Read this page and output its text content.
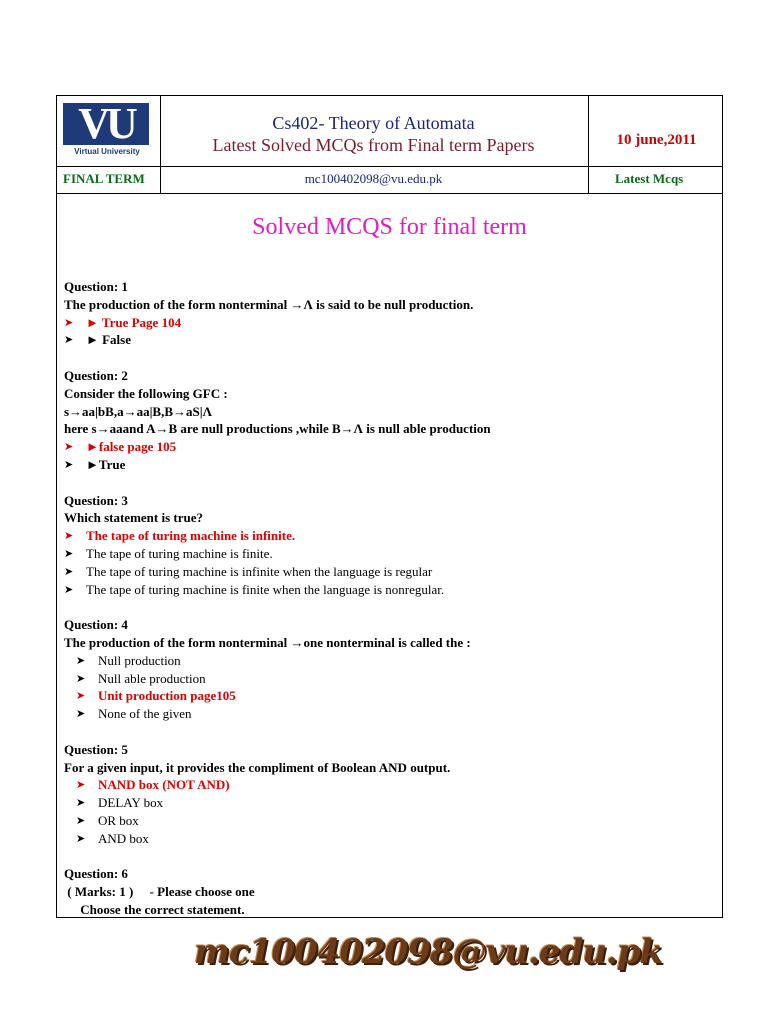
VU
Virtual University
Cs402- Theory of Automata
Latest Solved MCQs from Final term Papers	10 june,2011
FINAL TERM	mc100402098@vu.edu.pk	Latest Mcqs
Solved MCQS for final term
Question: 1
The production of the form nonterminal →Λ is said to be null production.
➤ ► True Page 104
➤ ► False
Question: 2
Consider the following GFC :
s→aa|bB,a→aa|B,B→aS|Λ
here s→aaand A→B are null productions ,while B→Λ is null able production
➤ ►false page 105
➤ ►True
Question: 3
Which statement is true?
➤ The tape of turing machine is infinite.
➤ The tape of turing machine is finite.
➤ The tape of turing machine is infinite when the language is regular
➤ The tape of turing machine is finite when the language is nonregular.
Question: 4
The production of the form nonterminal →one nonterminal is called the :
➤ Null production
➤ Null able production
➤ Unit production page105
➤ None of the given
Question: 5
For a given input, it provides the compliment of Boolean AND output.
➤ NAND box (NOT AND)
➤ DELAY box
➤ OR box
➤ AND box
Question: 6
( Marks: 1 )     - Please choose one
Choose the correct statement.
mc100402098@vu.edu.pk
